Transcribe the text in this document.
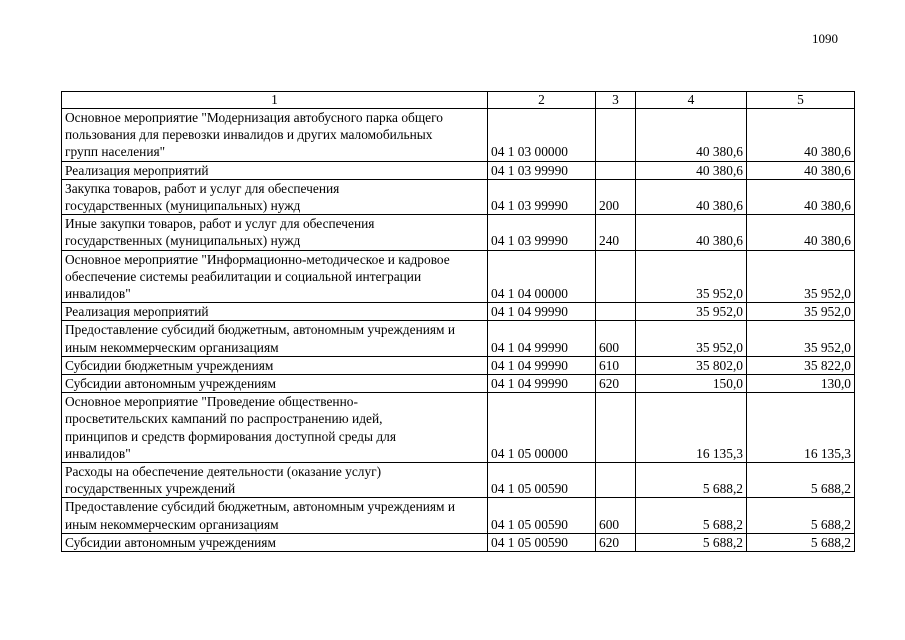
1090
1	2	3	4	5
Основное мероприятие "Модернизация автобусного парка общего пользования для перевозки инвалидов и других маломобильных групп населения"	04 1 03 00000		40 380,6	40 380,6
Реализация мероприятий	04 1 03 99990		40 380,6	40 380,6
Закупка товаров, работ и услуг для обеспечения государственных (муниципальных) нужд	04 1 03 99990	200	40 380,6	40 380,6
Иные закупки товаров, работ и услуг для обеспечения государственных (муниципальных) нужд	04 1 03 99990	240	40 380,6	40 380,6
Основное мероприятие "Информационно-методическое и кадровое обеспечение системы реабилитации и социальной интеграции инвалидов"	04 1 04 00000		35 952,0	35 952,0
Реализация мероприятий	04 1 04 99990		35 952,0	35 952,0
Предоставление субсидий бюджетным, автономным учреждениям и иным некоммерческим организациям	04 1 04 99990	600	35 952,0	35 952,0
Субсидии бюджетным учреждениям	04 1 04 99990	610	35 802,0	35 822,0
Субсидии автономным учреждениям	04 1 04 99990	620	150,0	130,0
Основное мероприятие "Проведение общественно-просветительских кампаний по распространению идей, принципов и средств формирования доступной среды для инвалидов"	04 1 05 00000		16 135,3	16 135,3
Расходы на обеспечение деятельности (оказание услуг) государственных учреждений	04 1 05 00590		5 688,2	5 688,2
Предоставление субсидий бюджетным, автономным учреждениям и иным некоммерческим организациям	04 1 05 00590	600	5 688,2	5 688,2
Субсидии автономным учреждениям	04 1 05 00590	620	5 688,2	5 688,2
